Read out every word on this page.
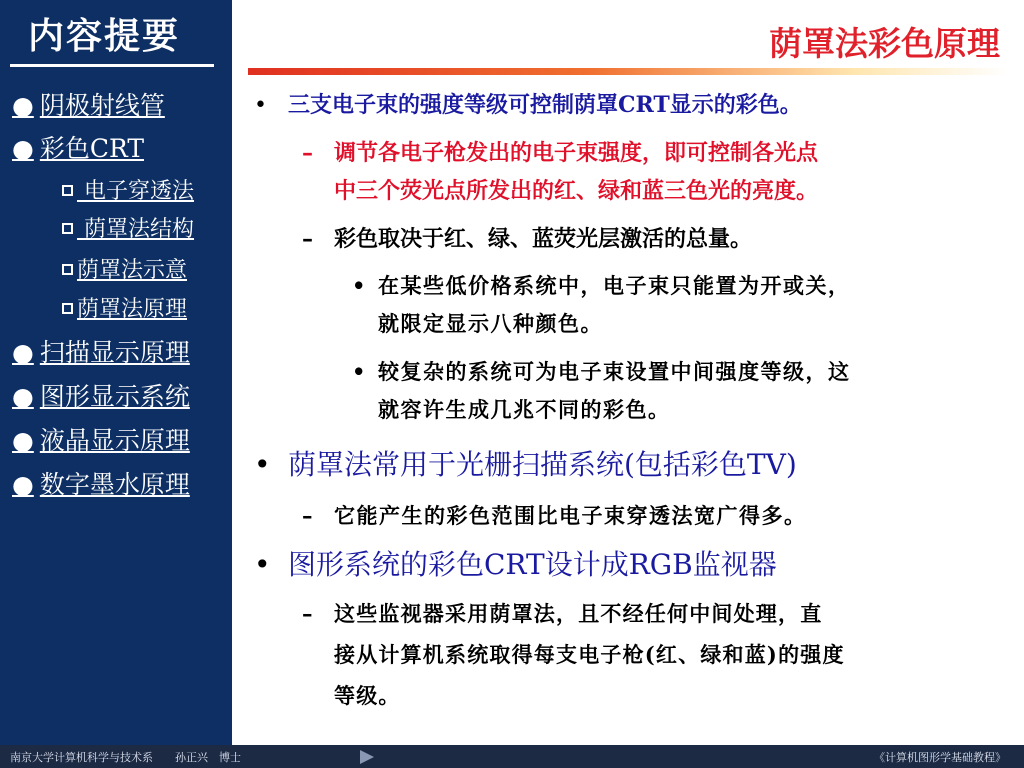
内容提要
● 阴极射线管
● 彩色CRT
电子穿透法
荫罩法结构
荫罩法示意
荫罩法原理
● 扫描显示原理
● 图形显示系统
● 液晶显示原理
● 数字墨水原理
荫罩法彩色原理
• 三支电子束的强度等级可控制荫罩CRT显示的彩色。
– 调节各电子枪发出的电子束强度，即可控制各光点
中三个荧光点所发出的红、绿和蓝三色光的亮度。
– 彩色取决于红、绿、蓝荧光层激活的总量。
• 在某些低价格系统中，电子束只能置为开或关，
就限定显示八种颜色。
• 较复杂的系统可为电子束设置中间强度等级，这
就容许生成几兆不同的彩色。
• 荫罩法常用于光栅扫描系统(包括彩色TV)
– 它能产生的彩色范围比电子束穿透法宽广得多。
• 图形系统的彩色CRT设计成RGB监视器
– 这些监视器采用荫罩法，且不经任何中间处理，直
接从计算机系统取得每支电子枪(红、绿和蓝)的强度
等级。
南京大学计算机科学与技术系　　孙正兴　博士	《计算机图形学基础教程》
